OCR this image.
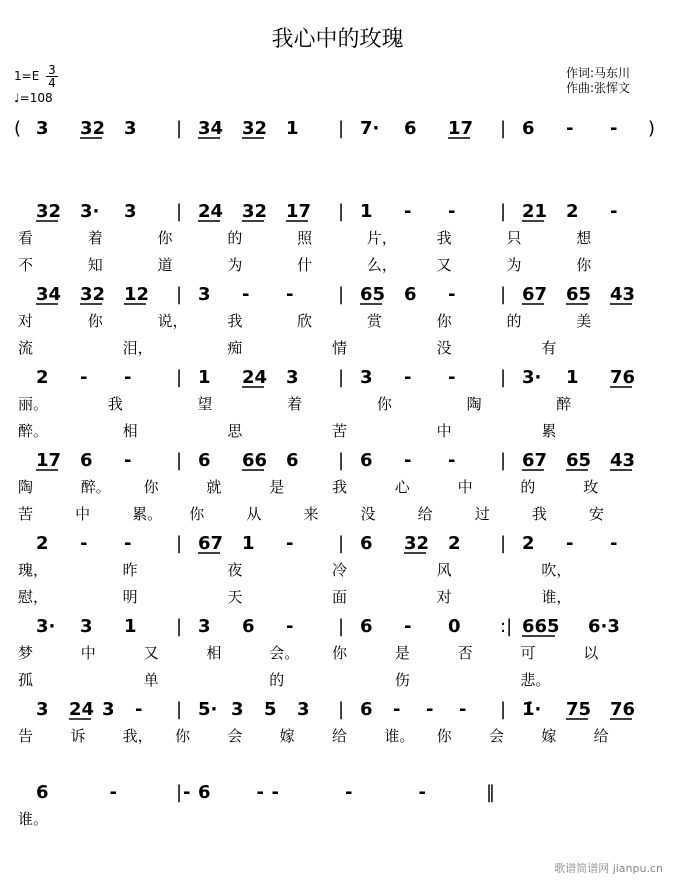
我心中的玫瑰
$1=E \frac{3}{4}$
♩=108
作词:马东川
作曲:张恽文
( 3 32 3 | 34 32 1 | 7· 6 17 | 6 - - )
32 3· 3 | 24 32 17 | 1 - - | 21 2 -
看	着	你	的	照	片，	我	只	想
不	知	道	为	什	么，	又	为	你
34 32 12 | 3 - - | 65 6 - | 67 65 43
对	你	说，	我	欣	赏	你	的	美
流	泪，	痴	情	没	有
2 - - | 1 24 3 | 3 - - | 3· 1 76
丽。	我	望	着	你	陶	醉
醉。	相	思	苦	中	累
17 6 - | 6 66 6 | 6 - - | 67 65 43
陶	醉。 你	就	是	我	心	中	的	玫
苦	中	累。 你	从	来	没	给	过	我	安
2 - - | 67 1 - | 6 32 2 | 2 - -
瑰，	昨	夜	冷	风	吹，
慰，	明	天	面	对	谁，
3· 3 1 | 3 6 - | 6 - 0 :| 665 6·3
梦	中	又	相	会。 你	是	否	可	以
孤	单	的	伤	悲。
3 24 3 - | 5· 3 5 3 | 6 - - - | 1̇· 75 76
告 诉 我， 你 会 嫁 给 谁。 你 会 嫁 给
6	-	-	-
| 6	-	-	-	‖
谁。
歌谱简谱网 jianpu.cn
